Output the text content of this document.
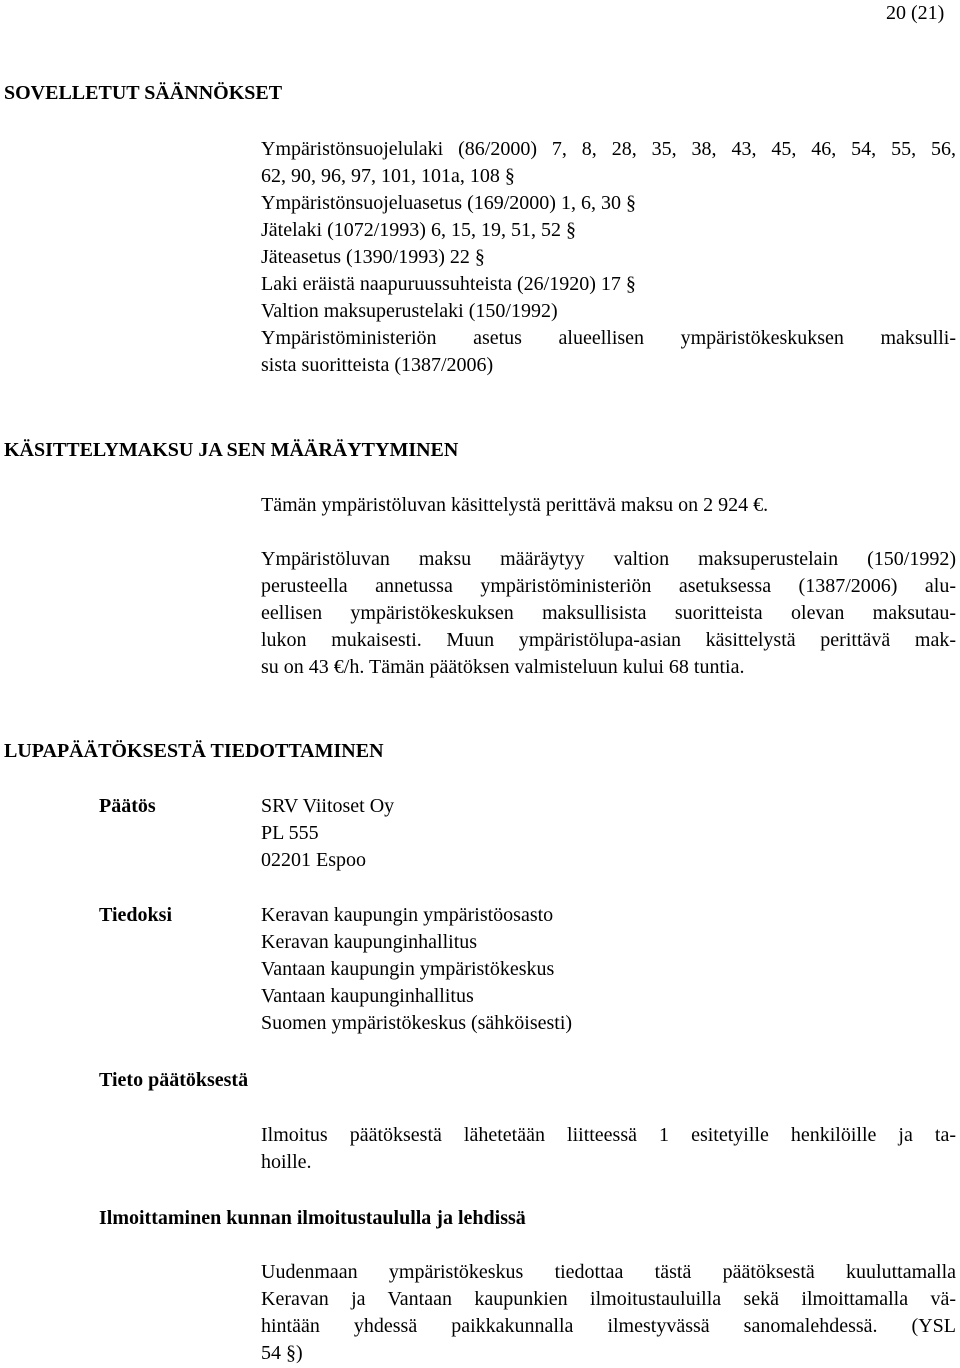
20 (21)
SOVELLETUT SÄÄNNÖKSET
Ympäristönsuojelulaki (86/2000) 7, 8, 28, 35, 38, 43, 45, 46, 54, 55, 56,
62, 90, 96, 97, 101, 101a, 108 §
Ympäristönsuojeluasetus (169/2000) 1, 6, 30 §
Jätelaki (1072/1993) 6, 15, 19, 51, 52 §
Jäteasetus (1390/1993) 22 §
Laki eräistä naapuruussuhteista (26/1920) 17 §
Valtion maksuperustelaki (150/1992)
Ympäristöministeriön asetus alueellisen ympäristökeskuksen maksulli-
sista suoritteista (1387/2006)
KÄSITTELYMAKSU JA SEN MÄÄRÄYTYMINEN
Tämän ympäristöluvan käsittelystä perittävä maksu on 2 924 €.
Ympäristöluvan maksu määräytyy valtion maksuperustelain (150/1992)
perusteella annetussa ympäristöministeriön asetuksessa (1387/2006) alu-
eellisen ympäristökeskuksen maksullisista suoritteista olevan maksutau-
lukon mukaisesti. Muun ympäristölupa-asian käsittelystä perittävä mak-
su on 43 €/h. Tämän päätöksen valmisteluun kului 68 tuntia.
LUPAPÄÄTÖKSESTÄ TIEDOTTAMINEN
Päätös	SRV Viitoset Oy
PL 555
02201 Espoo
Tiedoksi	Keravan kaupungin ympäristöosasto
Keravan kaupunginhallitus
Vantaan kaupungin ympäristökeskus
Vantaan kaupunginhallitus
Suomen ympäristökeskus (sähköisesti)
Tieto päätöksestä
Ilmoitus päätöksestä lähetetään liitteessä 1 esitetyille henkilöille ja ta-
hoille.
Ilmoittaminen kunnan ilmoitustaululla ja lehdissä
Uudenmaan ympäristökeskus tiedottaa tästä päätöksestä kuuluttamalla
Keravan ja Vantaan kaupunkien ilmoitustauluilla sekä ilmoittamalla vä-
hintään yhdessä paikkakunnalla ilmestyvässä sanomalehdessä. (YSL
54 §)
